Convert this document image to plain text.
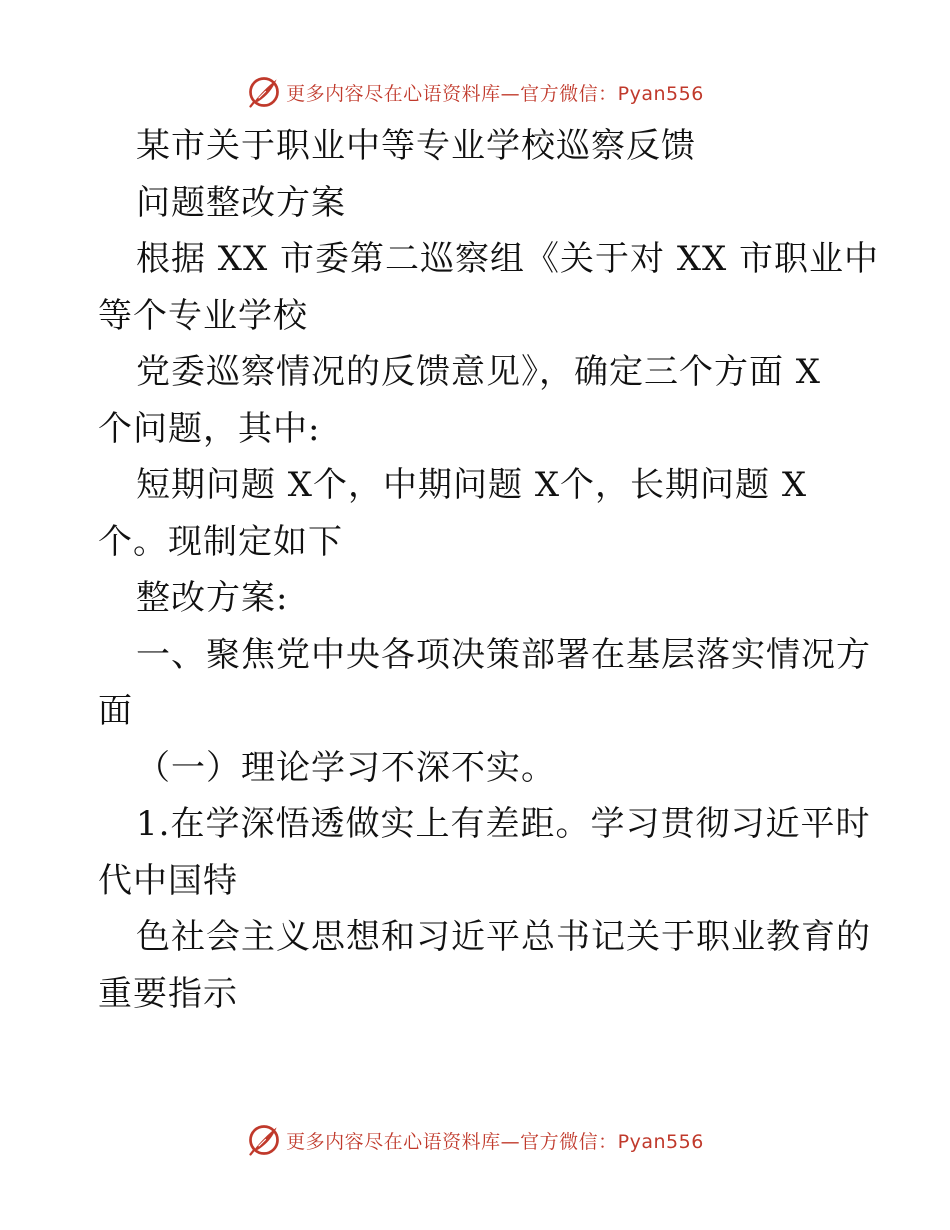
更多内容尽在心语资料库—官方微信：Pyan556
某市关于职业中等专业学校巡察反馈
问题整改方案
根据 XX 市委第二巡察组《关于对 XX 市职业中
等个专业学校
党委巡察情况的反馈意见》，确定三个方面 X
个问题，其中:
短期问题 X个，中期问题 X个，长期问题 X
个。现制定如下
整改方案:
一、聚焦党中央各项决策部署在基层落实情况方
面
（一）理论学习不深不实。
1.在学深悟透做实上有差距。学习贯彻习近平时
代中国特
色社会主义思想和习近平总书记关于职业教育的
重要指示
更多内容尽在心语资料库—官方微信：Pyan556
